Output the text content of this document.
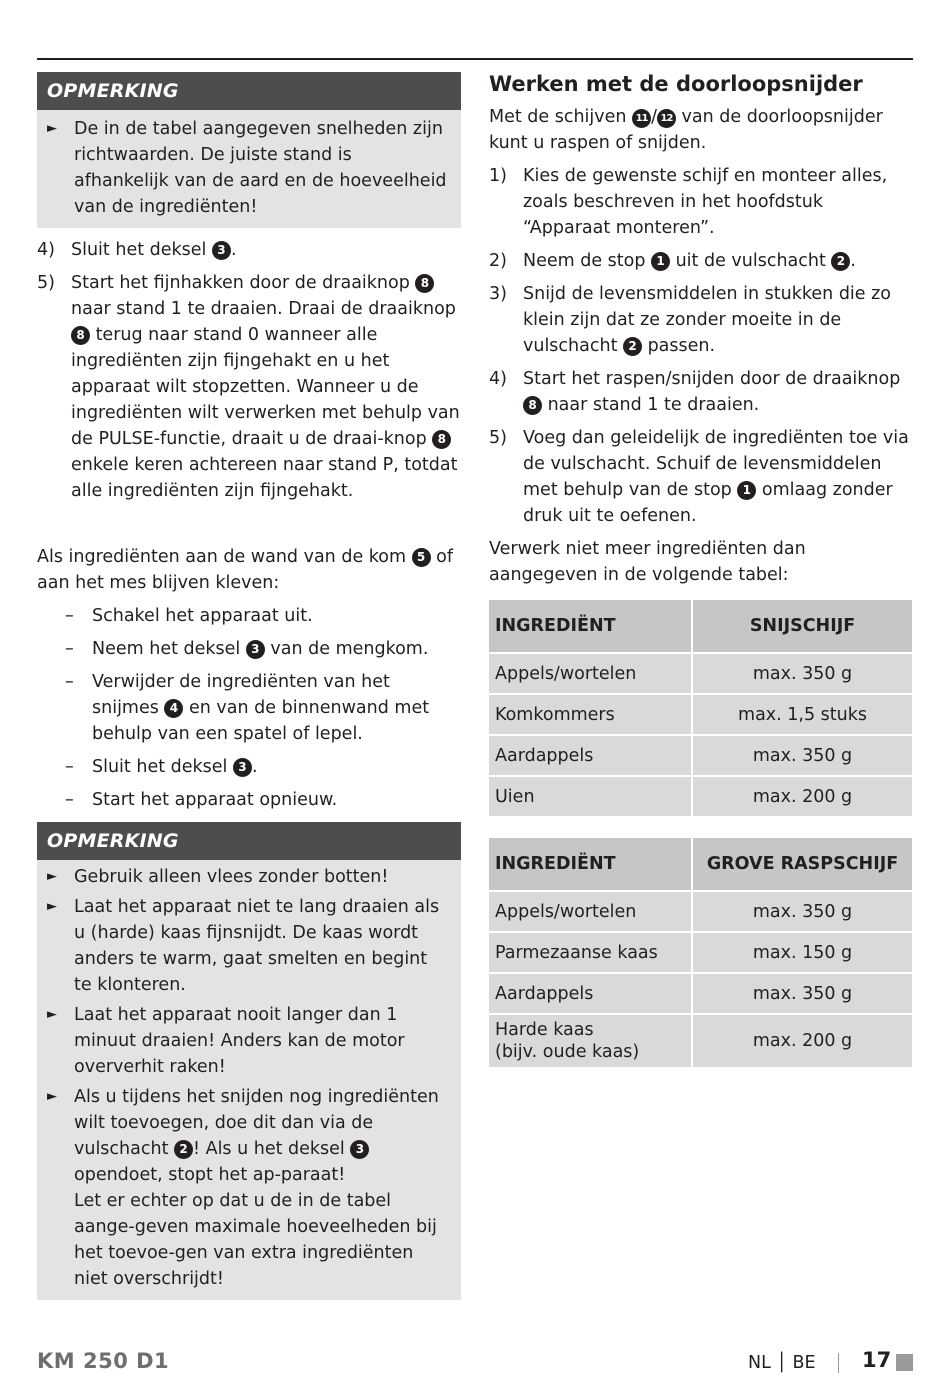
OPMERKING
► De in de tabel aangegeven snelheden zijn richtwaarden. De juiste stand is afhankelijk van de aard en de hoeveelheid van de ingrediënten!
4) Sluit het deksel 3 .
5) Start het fijnhakken door de draaiknop 8 naar stand 1 te draaien. Draai de draaiknop 8 terug naar stand 0 wanneer alle ingrediënten zijn fijngehakt en u het apparaat wilt stopzetten. Wanneer u de ingrediënten wilt verwerken met behulp van de PULSE-functie, draait u de draai-knop 8 enkele keren achtereen naar stand P, totdat alle ingrediënten zijn fijngehakt.
Als ingrediënten aan de wand van de kom 5 of aan het mes blijven kleven:
–	Schakel het apparaat uit.
–	Neem het deksel 3 van de mengkom.
–	Verwijder de ingrediënten van het snijmes 4 en van de binnenwand met behulp van een spatel of lepel.
–	Sluit het deksel 3 .
–	Start het apparaat opnieuw.
OPMERKING
► Gebruik alleen vlees zonder botten!
► Laat het apparaat niet te lang draaien als u (harde) kaas fijnsnijdt. De kaas wordt anders te warm, gaat smelten en begint te klonteren.
► Laat het apparaat nooit langer dan 1 minuut draaien! Anders kan de motor oververhit raken!
► Als u tijdens het snijden nog ingrediënten wilt toevoegen, doe dit dan via de vulschacht 2 ! Als u het deksel 3 opendoet, stopt het ap-paraat!
Let er echter op dat u de in de tabel aange-geven maximale hoeveelheden bij het toevoe-gen van extra ingrediënten niet overschrijdt!
Werken met de doorloopsnijder
Met de schijven 11 / 12 van de doorloopsnijder kunt u raspen of snijden.
1) Kies de gewenste schijf en monteer alles, zoals beschreven in het hoofdstuk “Apparaat monteren”.
2) Neem de stop 1 uit de vulschacht 2 .
3) Snijd de levensmiddelen in stukken die zo klein zijn dat ze zonder moeite in de vulschacht 2 passen.
4) Start het raspen/snijden door de draaiknop 8 naar stand 1 te draaien.
5) Voeg dan geleidelijk de ingrediënten toe via de vulschacht. Schuif de levensmiddelen met behulp van de stop 1 omlaag zonder druk uit te oefenen.
Verwerk niet meer ingrediënten dan aangegeven in de volgende tabel:
INGREDIËNT	SNIJSCHIJF
Appels/wortelen	max. 350 g
Komkommers	max. 1,5 stuks
Aardappels	max. 350 g
Uien	max. 200 g
INGREDIËNT	GROVE RASPSCHIJF
Appels/wortelen	max. 350 g
Parmezaanse kaas	max. 150 g
Aardappels	max. 350 g
Harde kaas
(bijv. oude kaas)	max. 200 g
KM 250 D1	NL │ BE 17
